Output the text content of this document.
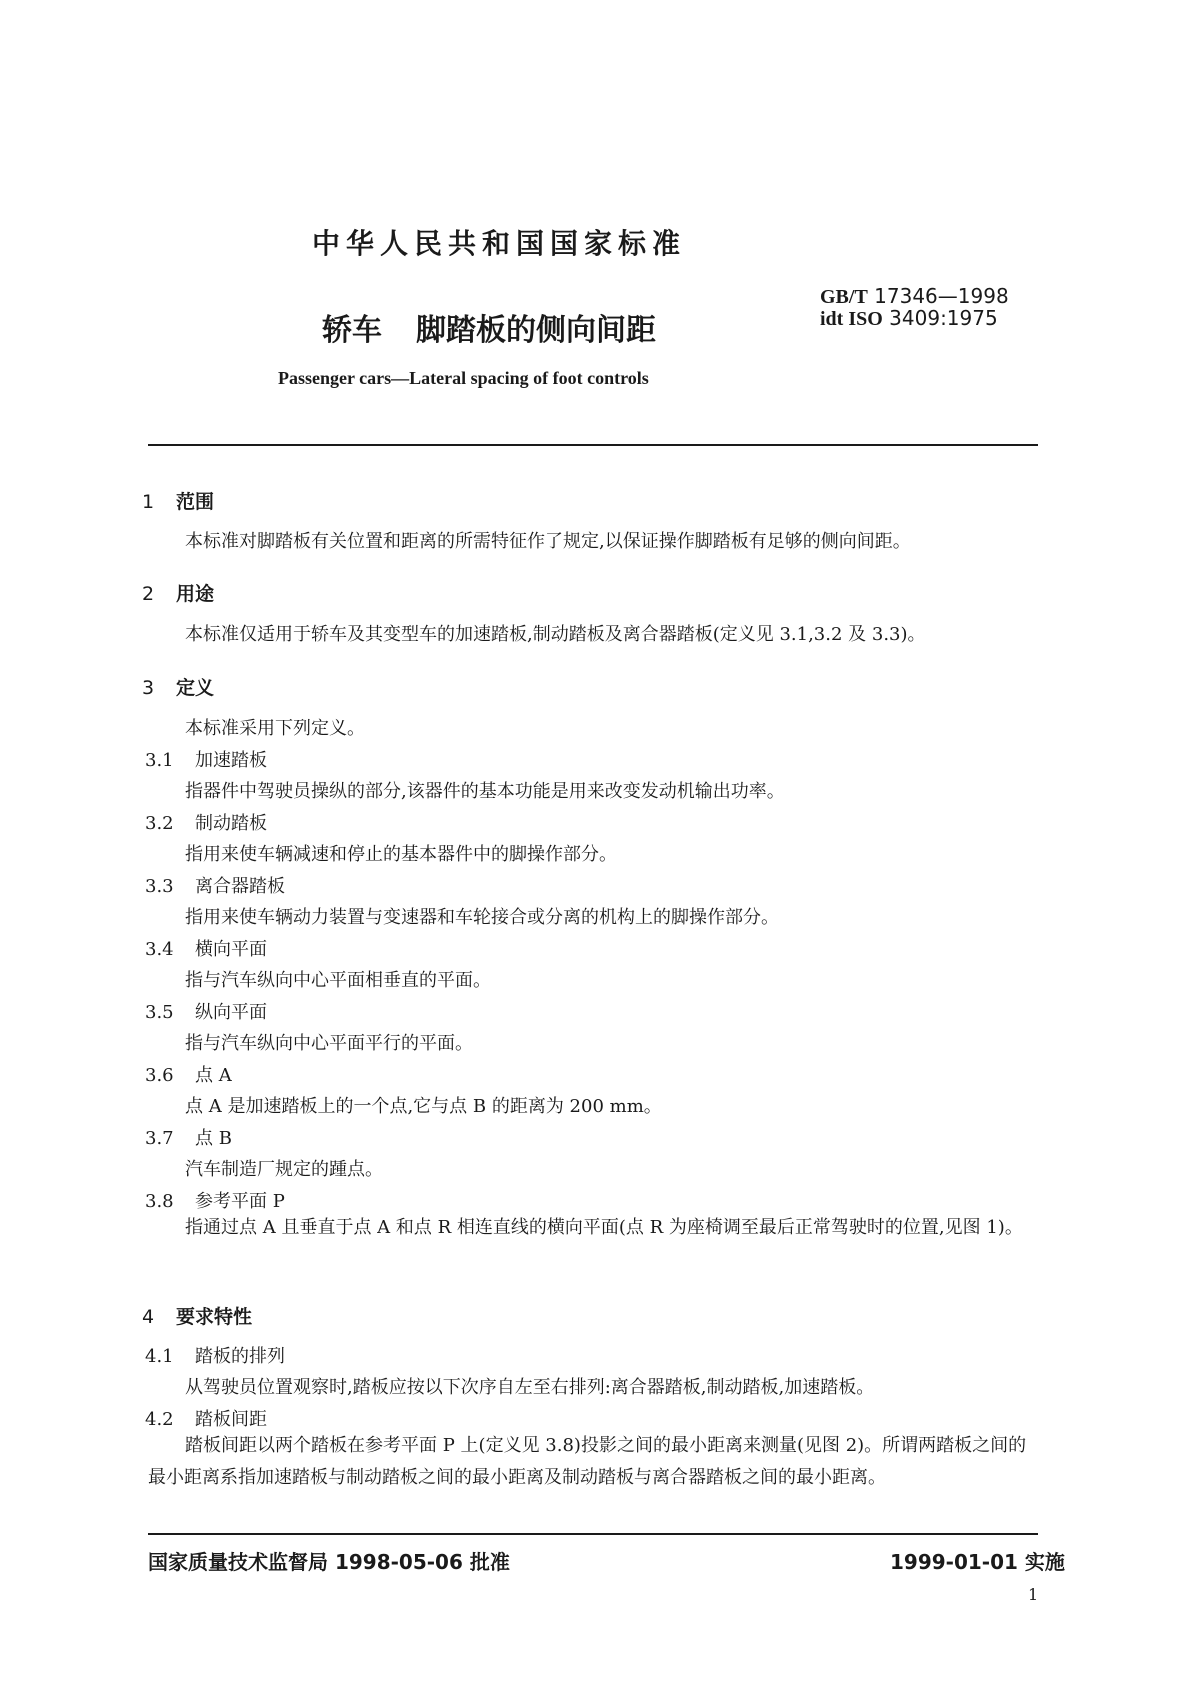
中华人民共和国国家标准
轿车 脚踏板的侧向间距
GB/T 17346—1998
idt ISO 3409:1975
Passenger cars—Lateral spacing of foot controls
1 范围
本标准对脚踏板有关位置和距离的所需特征作了规定,以保证操作脚踏板有足够的侧向间距。
2 用途
本标准仅适用于轿车及其变型车的加速踏板,制动踏板及离合器踏板(定义见 3.1,3.2 及 3.3)。
3 定义
本标准采用下列定义。
3.1 加速踏板
指器件中驾驶员操纵的部分,该器件的基本功能是用来改变发动机输出功率。
3.2 制动踏板
指用来使车辆减速和停止的基本器件中的脚操作部分。
3.3 离合器踏板
指用来使车辆动力装置与变速器和车轮接合或分离的机构上的脚操作部分。
3.4 横向平面
指与汽车纵向中心平面相垂直的平面。
3.5 纵向平面
指与汽车纵向中心平面平行的平面。
3.6 点 A
点 A 是加速踏板上的一个点,它与点 B 的距离为 200 mm。
3.7 点 B
汽车制造厂规定的踵点。
3.8 参考平面 P
指通过点 A 且垂直于点 A 和点 R 相连直线的横向平面(点 R 为座椅调至最后正常驾驶时的位置,见图 1)。
4 要求特性
4.1 踏板的排列
从驾驶员位置观察时,踏板应按以下次序自左至右排列:离合器踏板,制动踏板,加速踏板。
4.2 踏板间距
踏板间距以两个踏板在参考平面 P 上(定义见 3.8)投影之间的最小距离来测量(见图 2)。所谓两踏板之间的最小距离系指加速踏板与制动踏板之间的最小距离及制动踏板与离合器踏板之间的最小距离。
国家质量技术监督局 1998-05-06 批准	1999-01-01 实施
1
